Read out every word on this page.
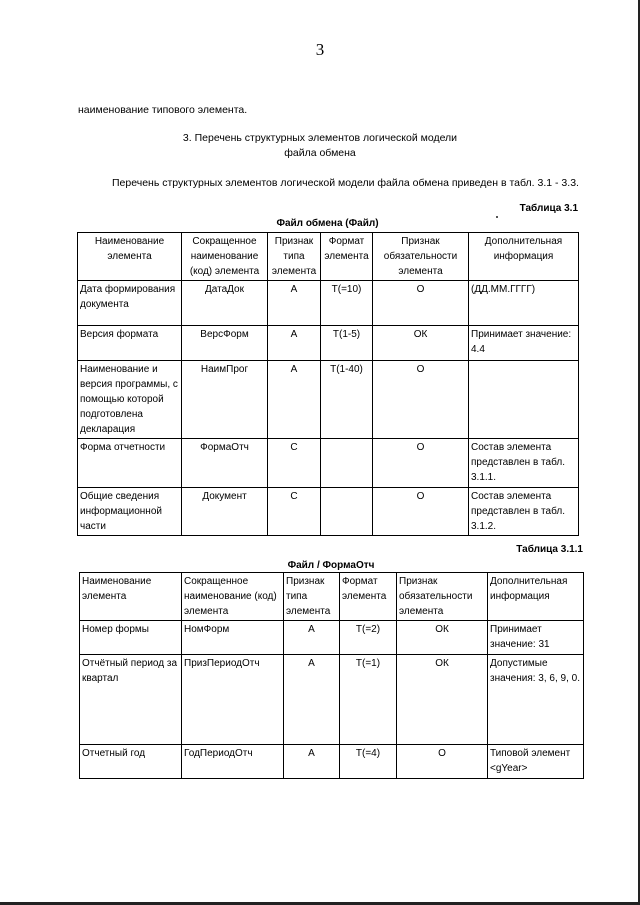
3
наименование типового элемента.
3. Перечень структурных элементов логической модели
файла обмена
Перечень структурных элементов логической модели файла обмена приведен в табл. 3.1 - 3.3.
Таблица 3.1
Файл обмена (Файл)
Наименование элемента	Сокращенное наименование (код) элемента	Признак типа элемента	Формат элемента	Признак обязательности элемента	Дополнительная информация
Дата формирования документа	ДатаДок	А	Т(=10)	О	(ДД.ММ.ГГГГ)
Версия формата	ВерсФорм	А	Т(1-5)	ОК	Принимает значение: 4.4
Наименование и версия программы, с помощью которой подготовлена декларация	НаимПрог	А	Т(1-40)	О	
Форма отчетности	ФормаОтч	С		О	Состав элемента представлен в табл. 3.1.1.
Общие сведения информационной части	Документ	С		О	Состав элемента представлен в табл. 3.1.2.
Таблица 3.1.1
Файл / ФормаОтч
Наименование элемента	Сокращенное наименование (код) элемента	Признак типа элемента	Формат элемента	Признак обязательности элемента	Дополнительная информация
Номер формы	НомФорм	А	Т(=2)	ОК	Принимает значение: 31
Отчётный период за квартал	ПризПериодОтч	А	Т(=1)	ОК	Допустимые значения: 3, 6, 9, 0.
Отчетный год	ГодПериодОтч	А	Т(=4)	О	Типовой элемент <gYear>
